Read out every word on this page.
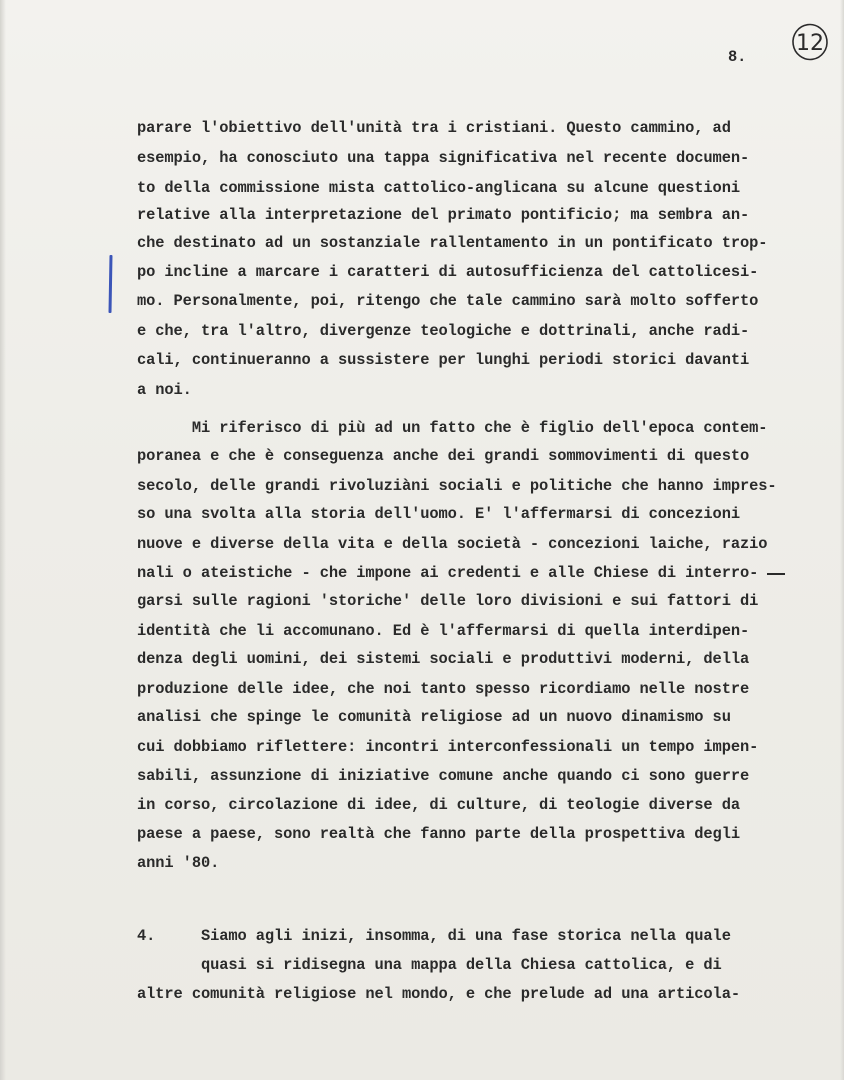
8.
12
parare l'obiettivo dell'unità tra i cristiani. Questo cammino, ad
esempio, ha conosciuto una tappa significativa nel recente documen-
to della commissione mista cattolico-anglicana su alcune questioni
relative alla interpretazione del primato pontificio; ma sembra an-
che destinato ad un sostanziale rallentamento in un pontificato trop-
po incline a marcare i caratteri di autosufficienza del cattolicesi-
mo. Personalmente, poi, ritengo che tale cammino sarà molto sofferto
e che, tra l'altro, divergenze teologiche e dottrinali, anche radi-
cali, continueranno a sussistere per lunghi periodi storici davanti
a noi.
Mi riferisco di più ad un fatto che è figlio dell'epoca contem-
poranea e che è conseguenza anche dei grandi sommovimenti di questo
secolo, delle grandi rivoluziàni sociali e politiche che hanno impres-
so una svolta alla storia dell'uomo. E' l'affermarsi di concezioni
nuove e diverse della vita e della società - concezioni laiche, razio
nali o ateistiche - che impone ai credenti e alle Chiese di interro-
garsi sulle ragioni 'storiche' delle loro divisioni e sui fattori di
identità che li accomunano. Ed è l'affermarsi di quella interdipen-
denza degli uomini, dei sistemi sociali e produttivi moderni, della
produzione delle idee, che noi tanto spesso ricordiamo nelle nostre
analisi che spinge le comunità religiose ad un nuovo dinamismo su
cui dobbiamo riflettere: incontri interconfessionali un tempo impen-
sabili, assunzione di iniziative comune anche quando ci sono guerre
in corso, circolazione di idee, di culture, di teologie diverse da
paese a paese, sono realtà che fanno parte della prospettiva degli
anni '80.
4.     Siamo agli inizi, insomma, di una fase storica nella quale
quasi si ridisegna una mappa della Chiesa cattolica, e di
altre comunità religiose nel mondo, e che prelude ad una articola-
